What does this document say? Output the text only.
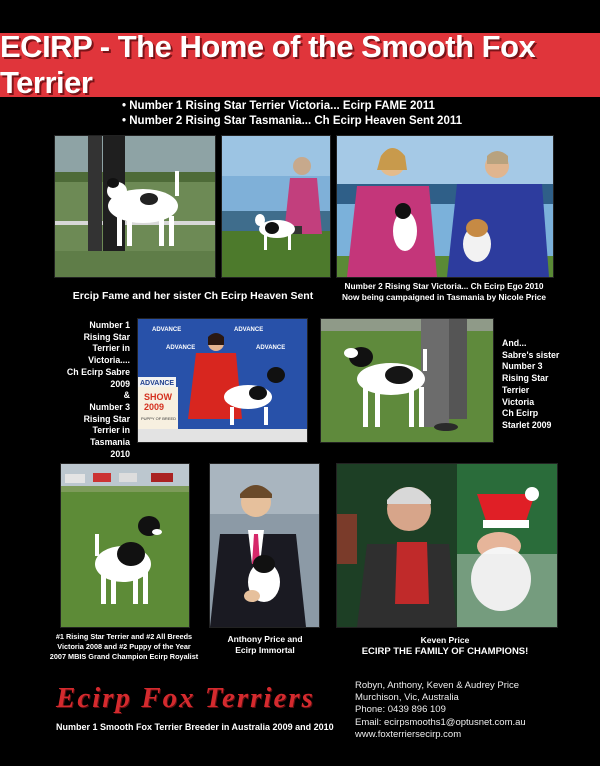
ECIRP - The Home of the Smooth Fox Terrier
• Number 1 Rising Star Terrier Victoria... Ecirp FAME 2011
• Number 2 Rising Star Tasmania... Ch Ecirp Heaven Sent 2011
Ercip Fame and her sister Ch Ecirp Heaven Sent
Number 2 Rising Star Victoria... Ch Ecirp Ego 2010
Now being campaigned in Tasmania by Nicole Price
Number 1
Rising Star
Terrier in
Victoria....
Ch Ecirp Sabre
2009
&
Number 3
Rising Star
Terrier in
Tasmania
2010
ADVANCE	ADVANCE
ADVANCE	ADVANCE
ADVANCE
SHOW
2009
PUPPY OF BREED
And...
Sabre's sister
Number 3
Rising Star
Terrier
Victoria
Ch Ecirp
Starlet 2009
#1 Rising Star Terrier and #2 All Breeds
Victoria 2008 and #2 Puppy of the Year
2007 MBIS Grand Champion Ecirp Royalist
Anthony Price and
Ecirp Immortal
Keven Price
ECIRP THE FAMILY OF CHAMPIONS!
Ecirp Fox Terriers
Number 1 Smooth Fox Terrier Breeder in Australia 2009 and 2010
Robyn, Anthony, Keven & Audrey Price
Murchison, Vic, Australia
Phone: 0439 896 109
Email: ecirpsmooths1@optusnet.com.au
www.foxterriersecirp.com
